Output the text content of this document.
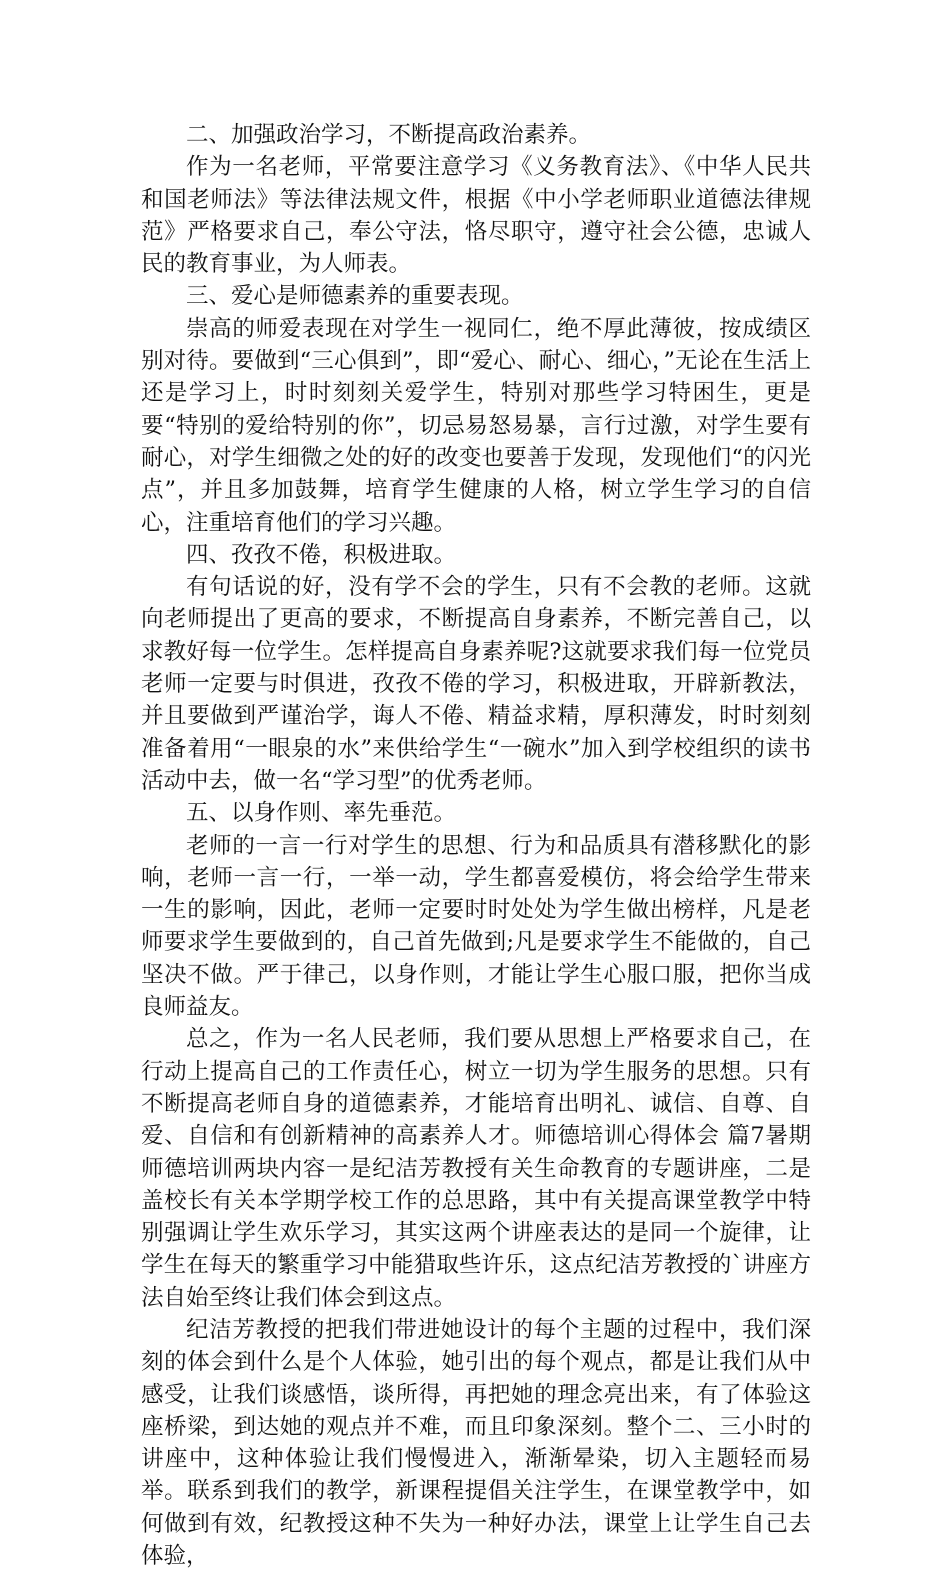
二、加强政治学习，不断提高政治素养。

作为一名老师，平常要注意学习《义务教育法》、《中华人民共和国老师法》等法律法规文件，根据《中小学老师职业道德法律规范》严格要求自己，奉公守法，恪尽职守，遵守社会公德，忠诚人民的教育事业，为人师表。

三、爱心是师德素养的重要表现。

崇高的师爱表现在对学生一视同仁，绝不厚此薄彼，按成绩区别对待。要做到“三心俱到”，即“爱心、耐心、细心，”无论在生活上还是学习上，时时刻刻关爱学生，特别对那些学习特困生，更是要“特别的爱给特别的你”，切忌易怒易暴，言行过激，对学生要有耐心，对学生细微之处的好的改变也要善于发现，发现他们“的闪光点”，并且多加鼓舞，培育学生健康的人格，树立学生学习的自信心，注重培育他们的学习兴趣。

四、孜孜不倦，积极进取。

有句话说的好，没有学不会的学生，只有不会教的老师。这就向老师提出了更高的要求，不断提高自身素养，不断完善自己，以求教好每一位学生。怎样提高自身素养呢?这就要求我们每一位党员老师一定要与时俱进，孜孜不倦的学习，积极进取，开辟新教法，并且要做到严谨治学，诲人不倦、精益求精，厚积薄发，时时刻刻准备着用“一眼泉的水”来供给学生“一碗水”加入到学校组织的读书活动中去，做一名“学习型”的优秀老师。

五、以身作则、率先垂范。

老师的一言一行对学生的思想、行为和品质具有潜移默化的影响，老师一言一行，一举一动，学生都喜爱模仿，将会给学生带来一生的影响，因此，老师一定要时时处处为学生做出榜样，凡是老师要求学生要做到的，自己首先做到;凡是要求学生不能做的，自己坚决不做。严于律己，以身作则，才能让学生心服口服，把你当成良师益友。

总之，作为一名人民老师，我们要从思想上严格要求自己，在行动上提高自己的工作责任心，树立一切为学生服务的思想。只有不断提高老师自身的道德素养，才能培育出明礼、诚信、自尊、自爱、自信和有创新精神的高素养人才。师德培训心得体会 篇7暑期师德培训两块内容一是纪洁芳教授有关生命教育的专题讲座，二是盖校长有关本学期学校工作的总思路，其中有关提高课堂教学中特别强调让学生欢乐学习，其实这两个讲座表达的是同一个旋律，让学生在每天的繁重学习中能猎取些许乐，这点纪洁芳教授的`讲座方法自始至终让我们体会到这点。

纪洁芳教授的把我们带进她设计的每个主题的过程中，我们深刻的体会到什么是个人体验，她引出的每个观点，都是让我们从中感受，让我们谈感悟，谈所得，再把她的理念亮出来，有了体验这座桥梁，到达她的观点并不难，而且印象深刻。整个二、三小时的讲座中，这种体验让我们慢慢进入，渐渐晕染，切入主题轻而易举。联系到我们的教学，新课程提倡关注学生，在课堂教学中，如何做到有效，纪教授这种不失为一种好办法，课堂上让学生自己去体验，
